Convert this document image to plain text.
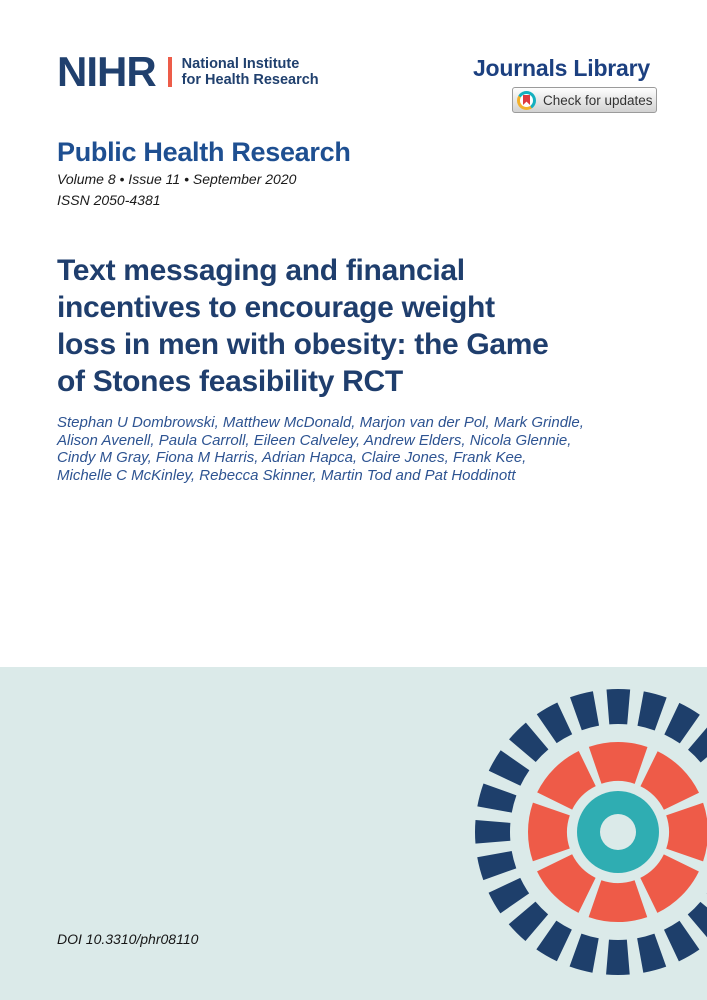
NIHR National Institute
for Health Research	Journals Library
Check for updates
Public Health Research
Volume 8 • Issue 11 • September 2020
ISSN 2050-4381
Text messaging and financial
incentives to encourage weight
loss in men with obesity: the Game
of Stones feasibility RCT
Stephan U Dombrowski, Matthew McDonald, Marjon van der Pol, Mark Grindle,
Alison Avenell, Paula Carroll, Eileen Calveley, Andrew Elders, Nicola Glennie,
Cindy M Gray, Fiona M Harris, Adrian Hapca, Claire Jones, Frank Kee,
Michelle C McKinley, Rebecca Skinner, Martin Tod and Pat Hoddinott
DOI 10.3310/phr08110
